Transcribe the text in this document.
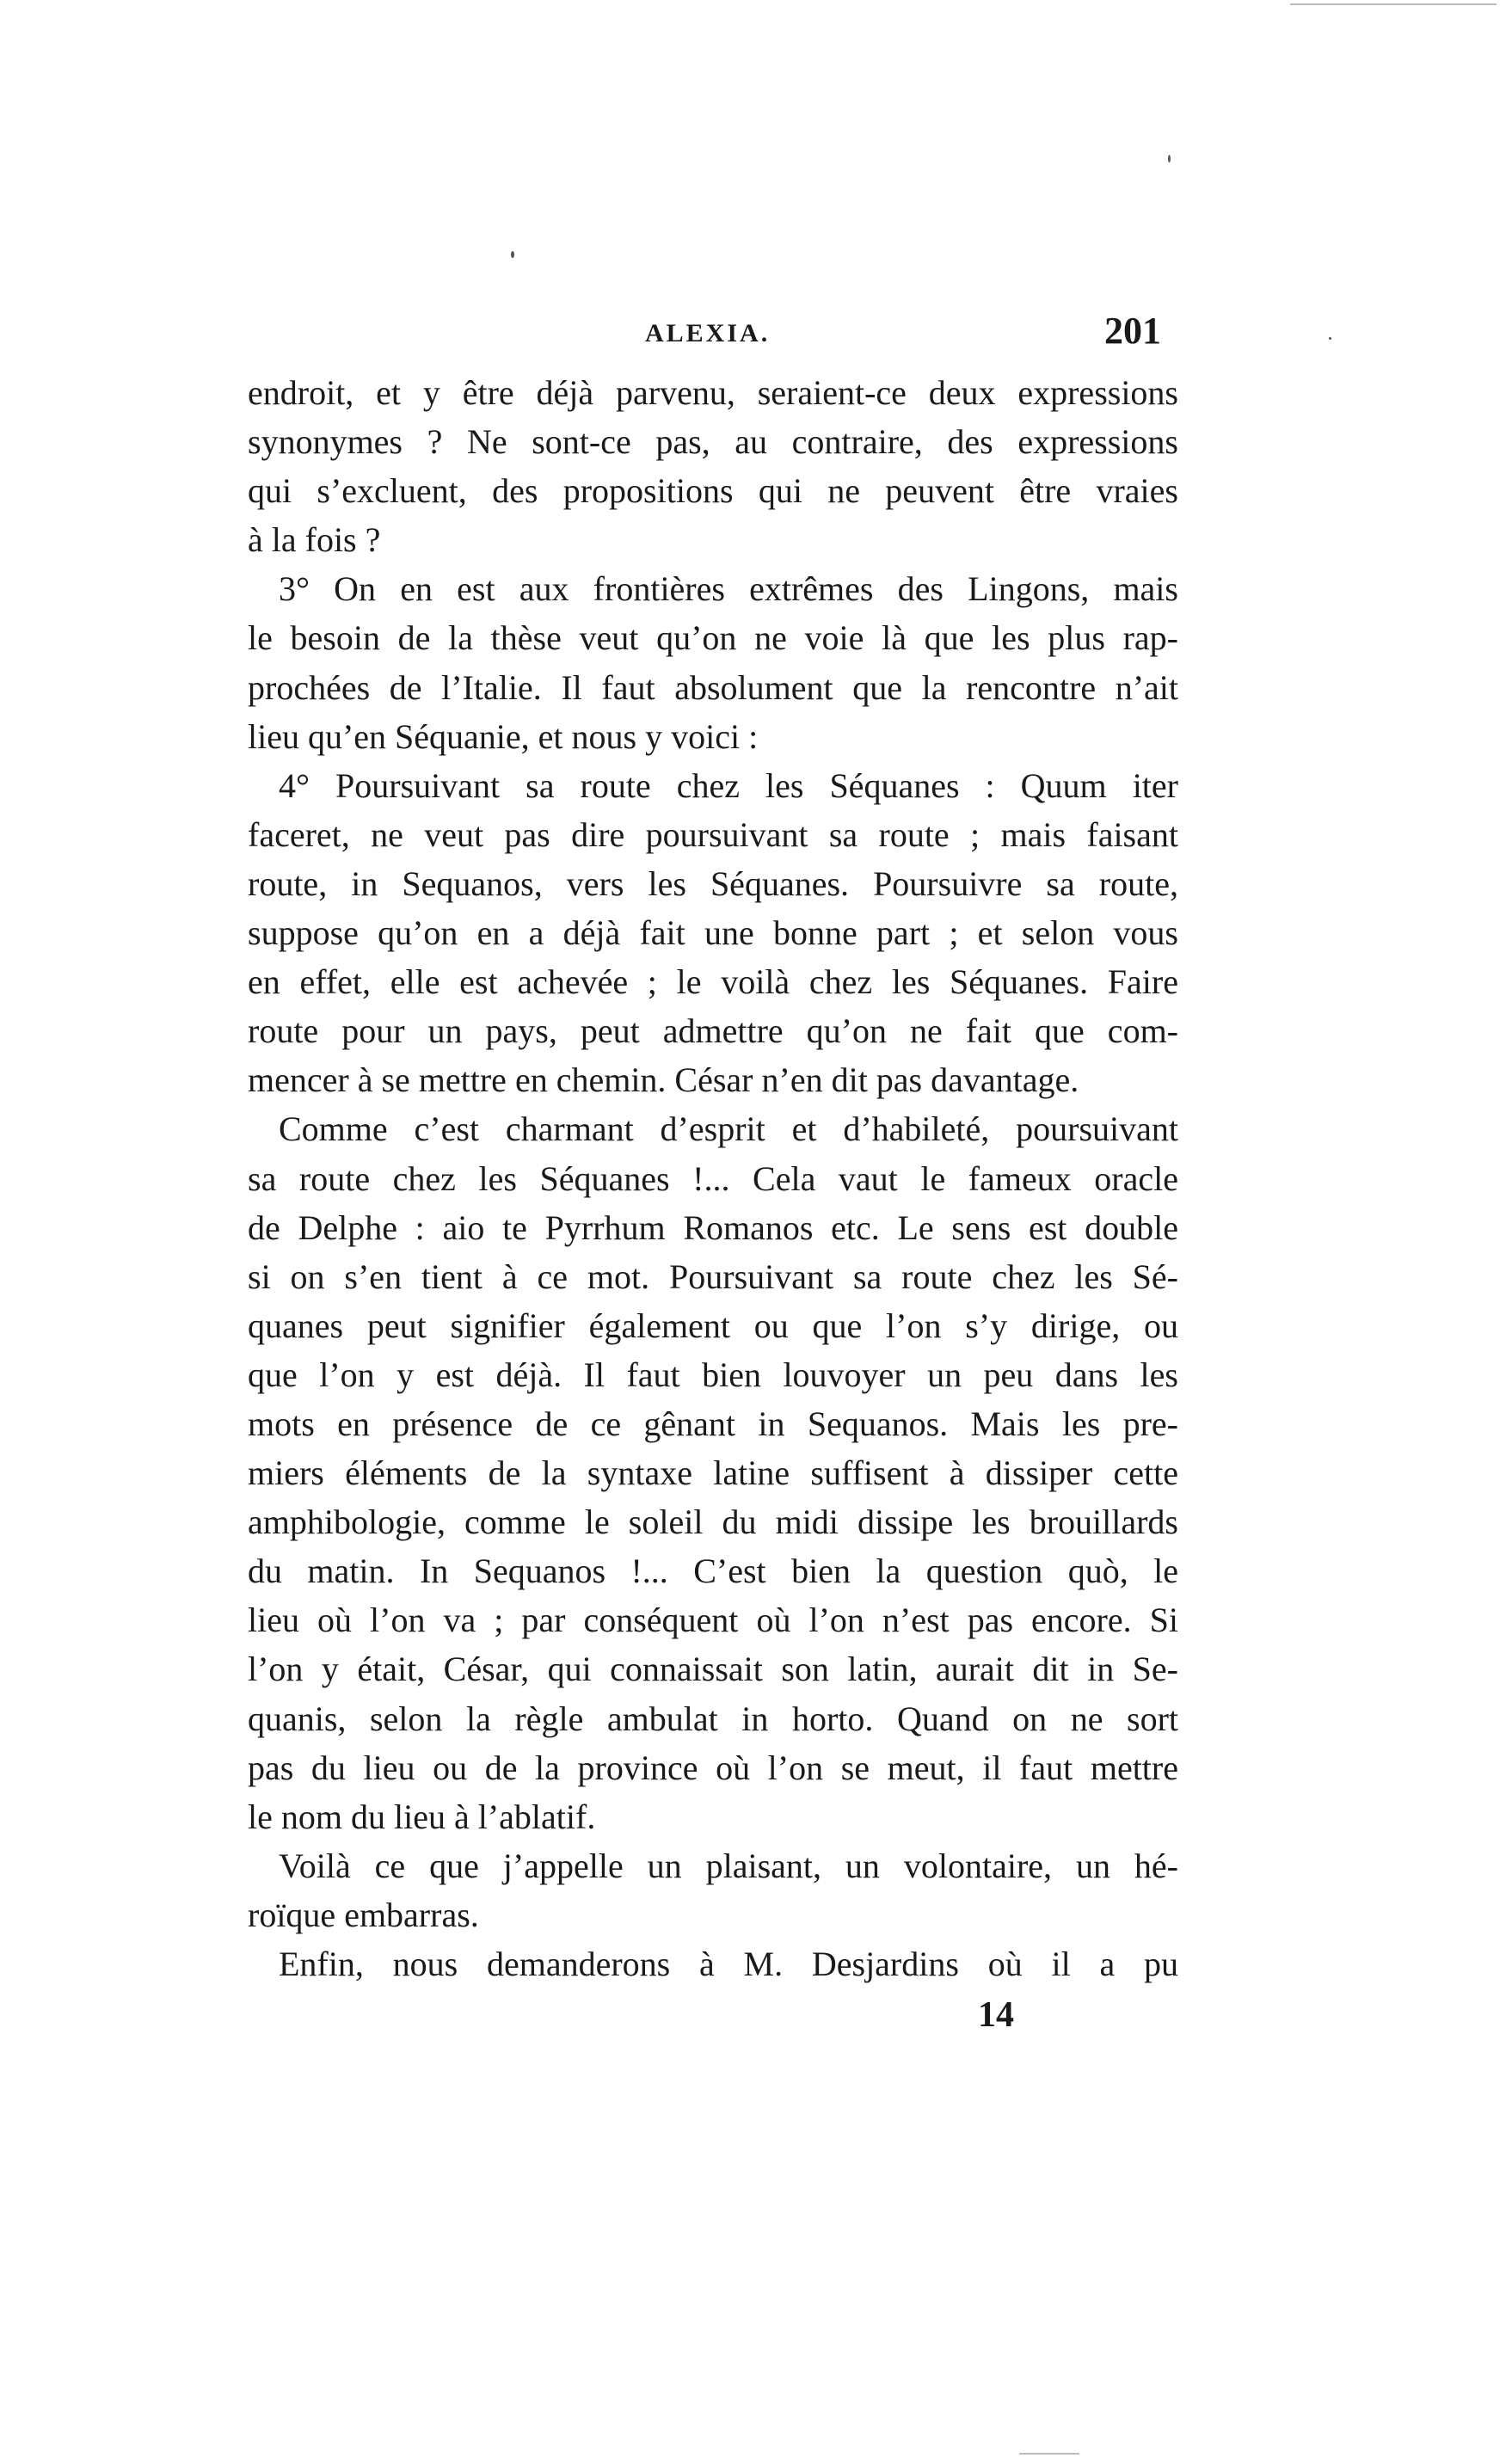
ALEXIA.	201

endroit, et y être déjà parvenu, seraient-ce deux expressions

synonymes ? Ne sont-ce pas, au contraire, des expressions

qui s’excluent, des propositions qui ne peuvent être vraies

à la fois ?

3° On en est aux frontières extrêmes des Lingons, mais

le besoin de la thèse veut qu’on ne voie là que les plus rap-

prochées de l’Italie. Il faut absolument que la rencontre n’ait

lieu qu’en Séquanie, et nous y voici :

4° Poursuivant sa route chez les Séquanes : Quum iter

faceret, ne veut pas dire poursuivant sa route ; mais faisant

route, in Sequanos, vers les Séquanes. Poursuivre sa route,

suppose qu’on en a déjà fait une bonne part ; et selon vous

en effet, elle est achevée ; le voilà chez les Séquanes. Faire

route pour un pays, peut admettre qu’on ne fait que com-

mencer à se mettre en chemin. César n’en dit pas davantage.

Comme c’est charmant d’esprit et d’habileté, poursuivant

sa route chez les Séquanes !... Cela vaut le fameux oracle

de Delphe : aio te Pyrrhum Romanos etc. Le sens est double

si on s’en tient à ce mot. Poursuivant sa route chez les Sé-

quanes peut signifier également ou que l’on s’y dirige, ou

que l’on y est déjà. Il faut bien louvoyer un peu dans les

mots en présence de ce gênant in Sequanos. Mais les pre-

miers éléments de la syntaxe latine suffisent à dissiper cette

amphibologie, comme le soleil du midi dissipe les brouillards

du matin. In Sequanos !... C’est bien la question quò, le

lieu où l’on va ; par conséquent où l’on n’est pas encore. Si

l’on y était, César, qui connaissait son latin, aurait dit in Se-

quanis, selon la règle ambulat in horto. Quand on ne sort

pas du lieu ou de la province où l’on se meut, il faut mettre

le nom du lieu à l’ablatif.

Voilà ce que j’appelle un plaisant, un volontaire, un hé-

roïque embarras.

Enfin, nous demanderons à M. Desjardins où il a pu

14
